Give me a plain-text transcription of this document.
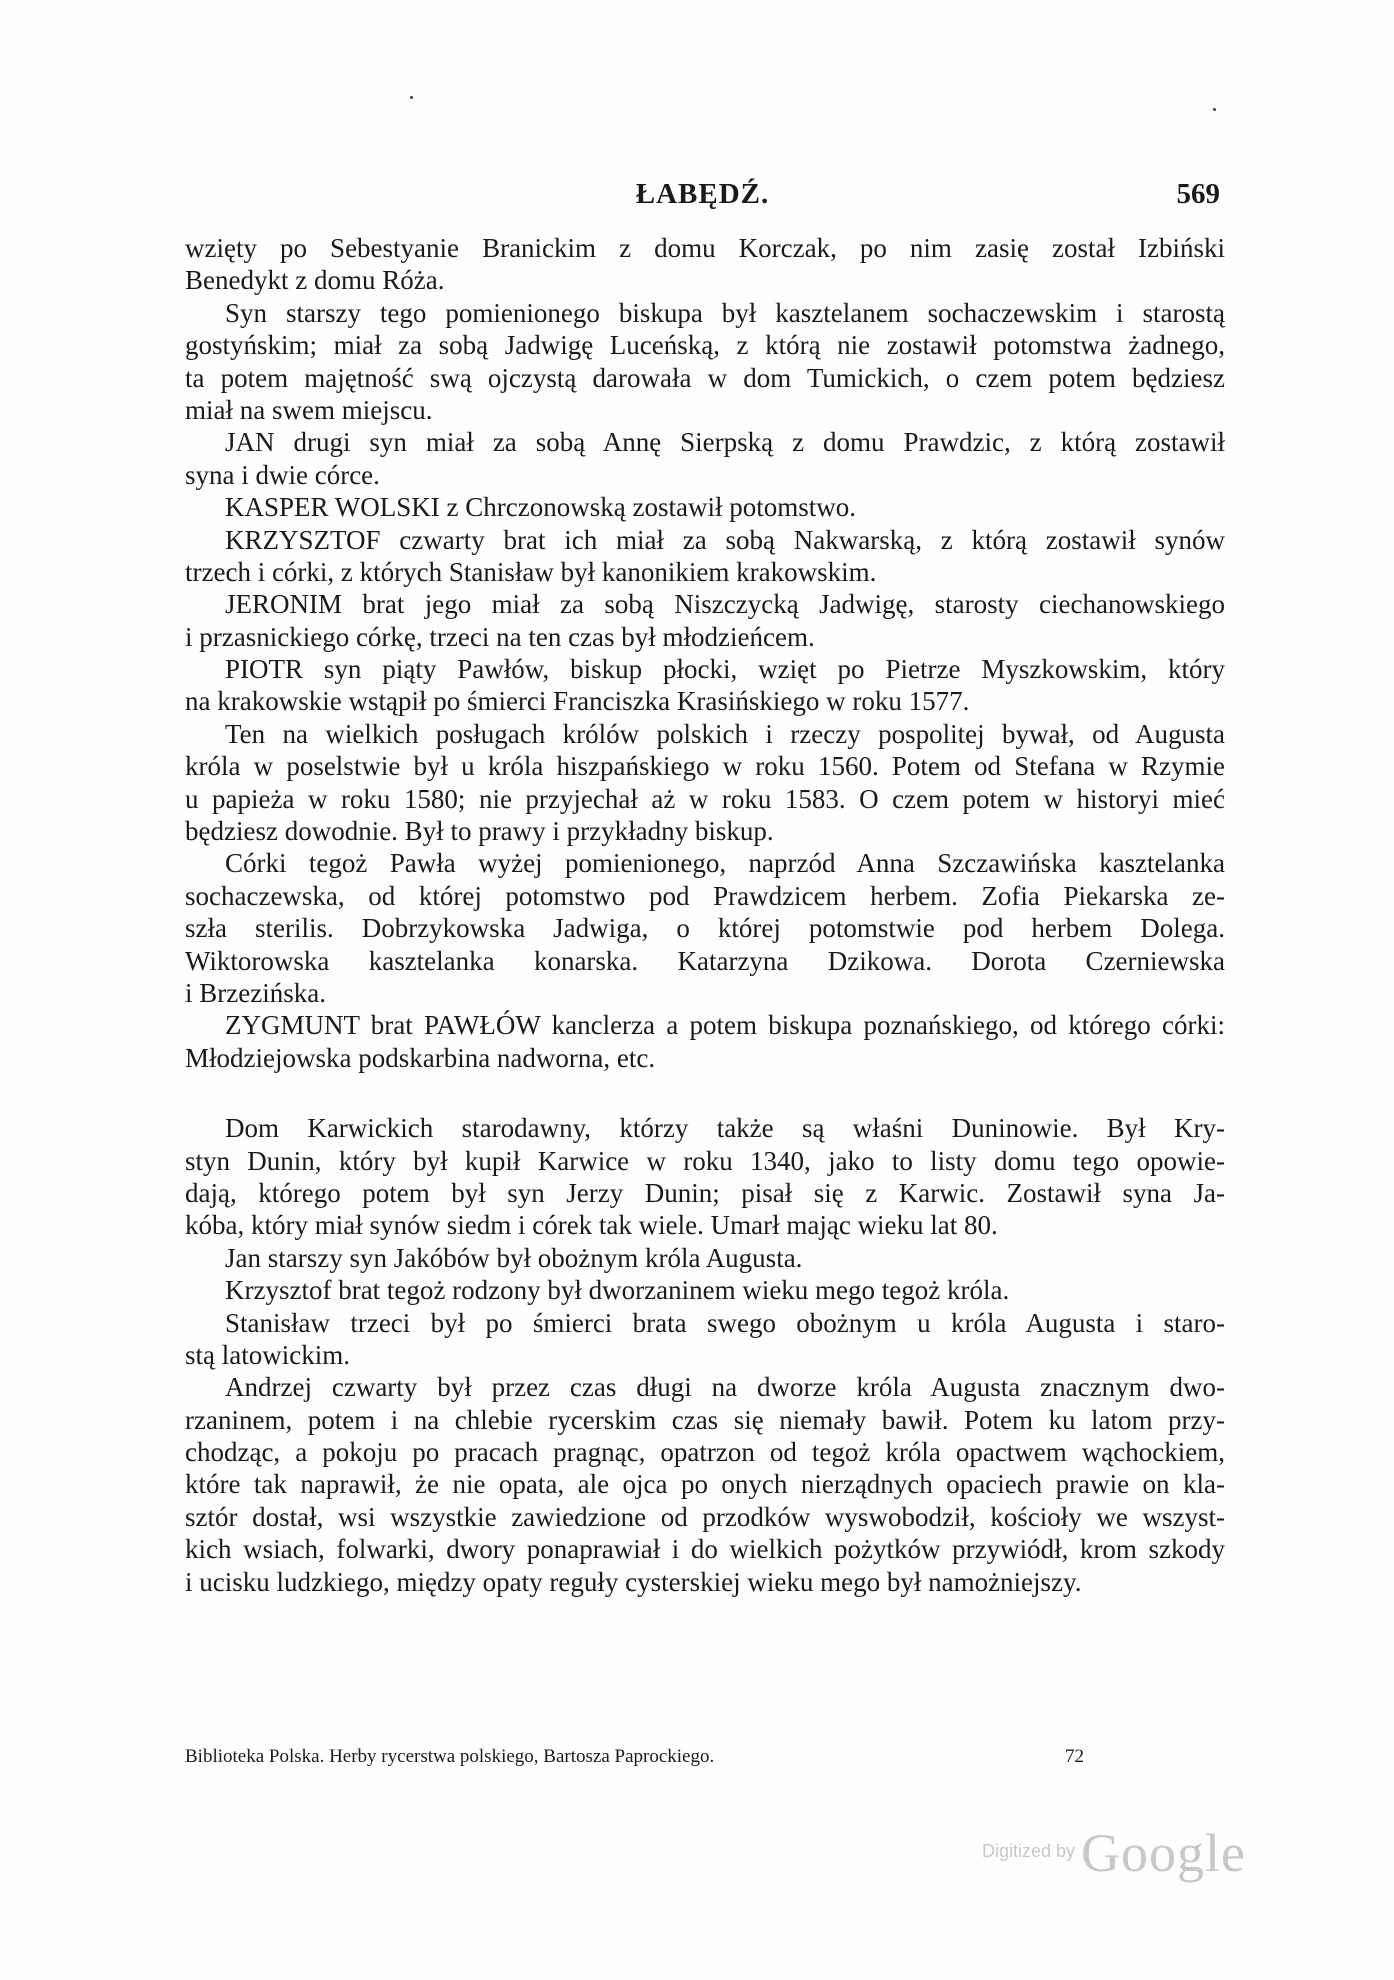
ŁABĘDŹ.	569
wzięty po Sebestyanie Branickim z domu Korczak, po nim zasię został Izbiński
Benedykt z domu Róża.
Syn starszy tego pomienionego biskupa był kasztelanem sochaczewskim i starostą
gostyńskim; miał za sobą Jadwigę Luceńską, z którą nie zostawił potomstwa żadnego,
ta potem majętność swą ojczystą darowała w dom Tumickich, o czem potem będziesz
miał na swem miejscu.
JAN drugi syn miał za sobą Annę Sierpską z domu Prawdzic, z którą zostawił
syna i dwie córce.
KASPER WOLSKI z Chrczonowską zostawił potomstwo.
KRZYSZTOF czwarty brat ich miał za sobą Nakwarską, z którą zostawił synów
trzech i córki, z których Stanisław był kanonikiem krakowskim.
JERONIM brat jego miał za sobą Niszczycką Jadwigę, starosty ciechanowskiego
i przasnickiego córkę, trzeci na ten czas był młodzieńcem.
PIOTR syn piąty Pawłów, biskup płocki, wzięt po Pietrze Myszkowskim, który
na krakowskie wstąpił po śmierci Franciszka Krasińskiego w roku 1577.
Ten na wielkich posługach królów polskich i rzeczy pospolitej bywał, od Augusta
króla w poselstwie był u króla hiszpańskiego w roku 1560. Potem od Stefana w Rzymie
u papieża w roku 1580; nie przyjechał aż w roku 1583. O czem potem w historyi mieć
będziesz dowodnie. Był to prawy i przykładny biskup.
Córki tegoż Pawła wyżej pomienionego, naprzód Anna Szczawińska kasztelanka
sochaczewska, od której potomstwo pod Prawdzicem herbem. Zofia Piekarska ze-
szła sterilis. Dobrzykowska Jadwiga, o której potomstwie pod herbem Dolega.
Wiktorowska kasztelanka konarska. Katarzyna Dzikowa. Dorota Czerniewska
i Brzezińska.
ZYGMUNT brat PAWŁÓW kanclerza a potem biskupa poznańskiego, od którego córki:
Młodziejowska podskarbina nadworna, etc.
Dom Karwickich starodawny, którzy także są właśni Duninowie. Był Kry-
styn Dunin, który był kupił Karwice w roku 1340, jako to listy domu tego opowie-
dają, którego potem był syn Jerzy Dunin; pisał się z Karwic. Zostawił syna Ja-
kóba, który miał synów siedm i córek tak wiele. Umarł mając wieku lat 80.
Jan starszy syn Jakóbów był obożnym króla Augusta.
Krzysztof brat tegoż rodzony był dworzaninem wieku mego tegoż króla.
Stanisław trzeci był po śmierci brata swego obożnym u króla Augusta i staro-
stą latowickim.
Andrzej czwarty był przez czas długi na dworze króla Augusta znacznym dwo-
rzaninem, potem i na chlebie rycerskim czas się niemały bawił. Potem ku latom przy-
chodząc, a pokoju po pracach pragnąc, opatrzon od tegoż króla opactwem wąchockiem,
które tak naprawił, że nie opata, ale ojca po onych nierządnych opaciech prawie on kla-
sztór dostał, wsi wszystkie zawiedzione od przodków wyswobodził, kościoły we wszyst-
kich wsiach, folwarki, dwory ponaprawiał i do wielkich pożytków przywiódł, krom szkody
i ucisku ludzkiego, między opaty reguły cysterskiej wieku mego był namożniejszy.
Biblioteka Polska. Herby rycerstwa polskiego, Bartosza Paprockiego.	72
Digitized by Google
